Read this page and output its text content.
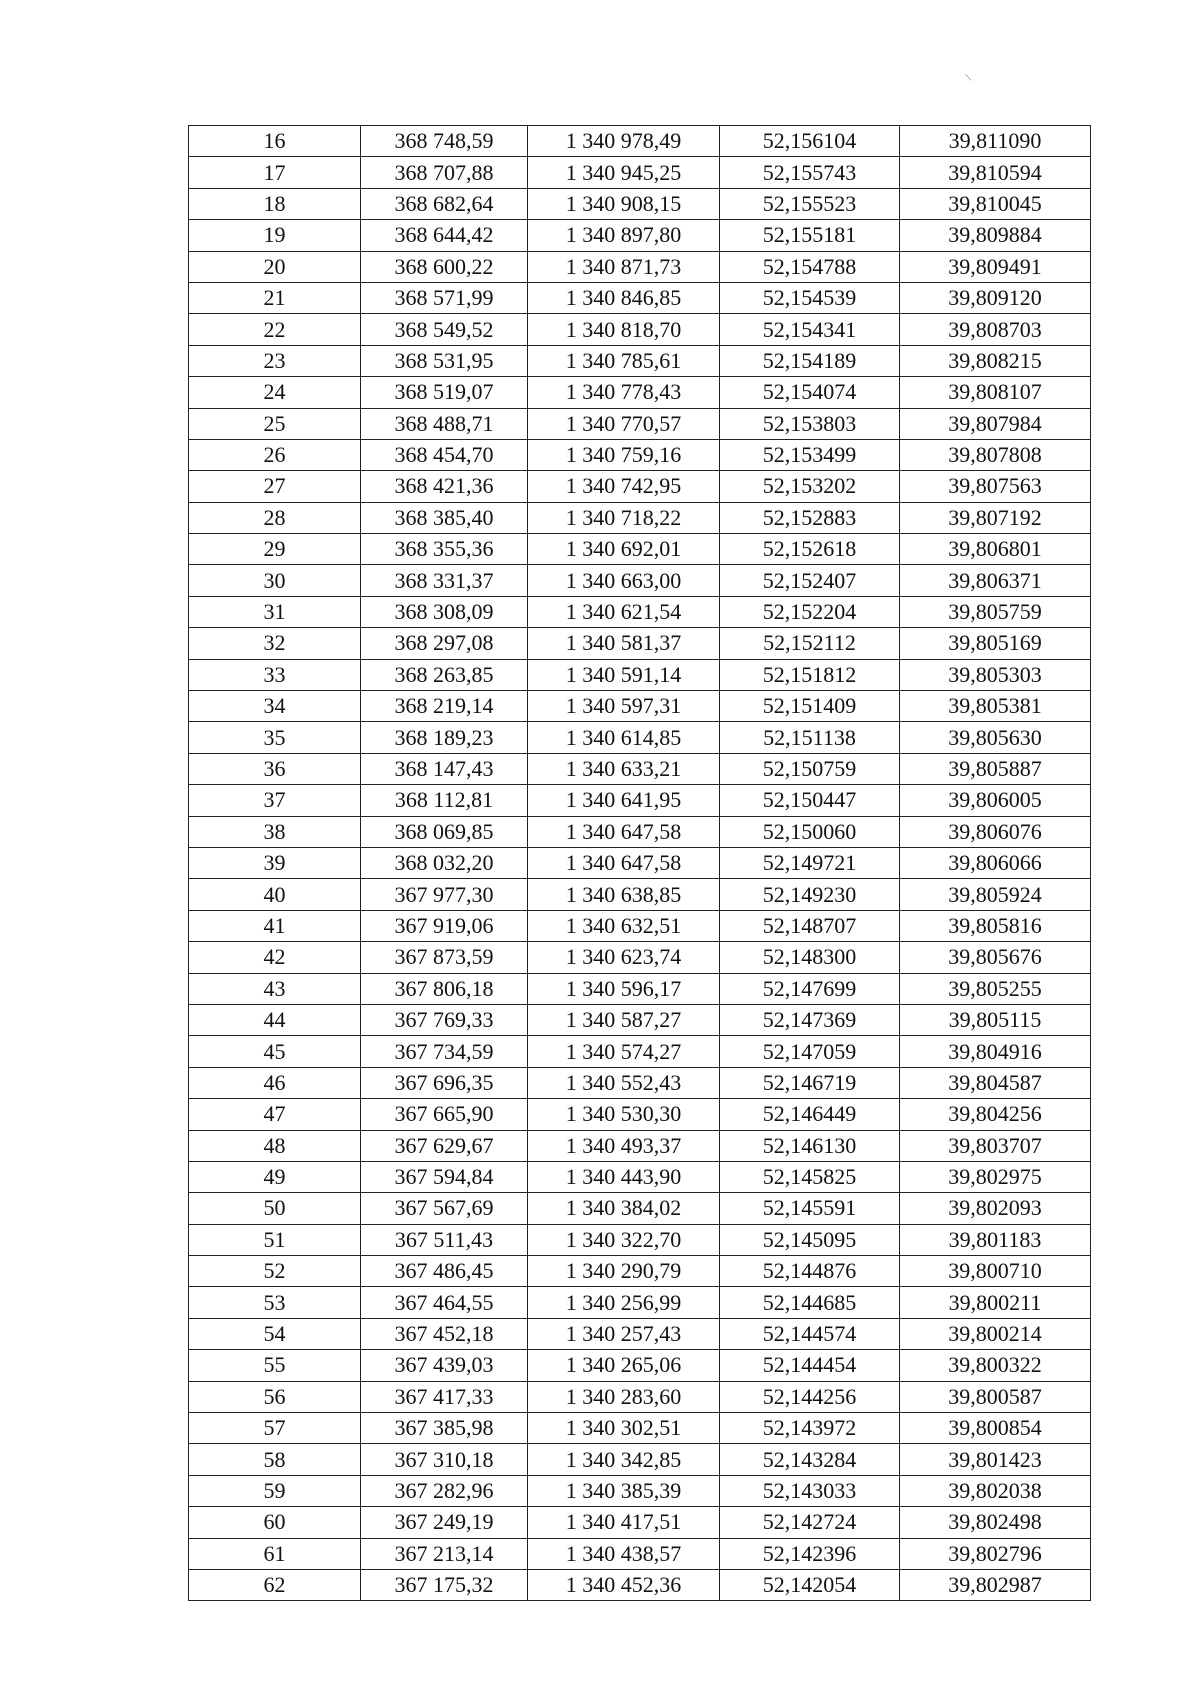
/
16	368 748,59	1 340 978,49	52,156104	39,811090
17	368 707,88	1 340 945,25	52,155743	39,810594
18	368 682,64	1 340 908,15	52,155523	39,810045
19	368 644,42	1 340 897,80	52,155181	39,809884
20	368 600,22	1 340 871,73	52,154788	39,809491
21	368 571,99	1 340 846,85	52,154539	39,809120
22	368 549,52	1 340 818,70	52,154341	39,808703
23	368 531,95	1 340 785,61	52,154189	39,808215
24	368 519,07	1 340 778,43	52,154074	39,808107
25	368 488,71	1 340 770,57	52,153803	39,807984
26	368 454,70	1 340 759,16	52,153499	39,807808
27	368 421,36	1 340 742,95	52,153202	39,807563
28	368 385,40	1 340 718,22	52,152883	39,807192
29	368 355,36	1 340 692,01	52,152618	39,806801
30	368 331,37	1 340 663,00	52,152407	39,806371
31	368 308,09	1 340 621,54	52,152204	39,805759
32	368 297,08	1 340 581,37	52,152112	39,805169
33	368 263,85	1 340 591,14	52,151812	39,805303
34	368 219,14	1 340 597,31	52,151409	39,805381
35	368 189,23	1 340 614,85	52,151138	39,805630
36	368 147,43	1 340 633,21	52,150759	39,805887
37	368 112,81	1 340 641,95	52,150447	39,806005
38	368 069,85	1 340 647,58	52,150060	39,806076
39	368 032,20	1 340 647,58	52,149721	39,806066
40	367 977,30	1 340 638,85	52,149230	39,805924
41	367 919,06	1 340 632,51	52,148707	39,805816
42	367 873,59	1 340 623,74	52,148300	39,805676
43	367 806,18	1 340 596,17	52,147699	39,805255
44	367 769,33	1 340 587,27	52,147369	39,805115
45	367 734,59	1 340 574,27	52,147059	39,804916
46	367 696,35	1 340 552,43	52,146719	39,804587
47	367 665,90	1 340 530,30	52,146449	39,804256
48	367 629,67	1 340 493,37	52,146130	39,803707
49	367 594,84	1 340 443,90	52,145825	39,802975
50	367 567,69	1 340 384,02	52,145591	39,802093
51	367 511,43	1 340 322,70	52,145095	39,801183
52	367 486,45	1 340 290,79	52,144876	39,800710
53	367 464,55	1 340 256,99	52,144685	39,800211
54	367 452,18	1 340 257,43	52,144574	39,800214
55	367 439,03	1 340 265,06	52,144454	39,800322
56	367 417,33	1 340 283,60	52,144256	39,800587
57	367 385,98	1 340 302,51	52,143972	39,800854
58	367 310,18	1 340 342,85	52,143284	39,801423
59	367 282,96	1 340 385,39	52,143033	39,802038
60	367 249,19	1 340 417,51	52,142724	39,802498
61	367 213,14	1 340 438,57	52,142396	39,802796
62	367 175,32	1 340 452,36	52,142054	39,802987
